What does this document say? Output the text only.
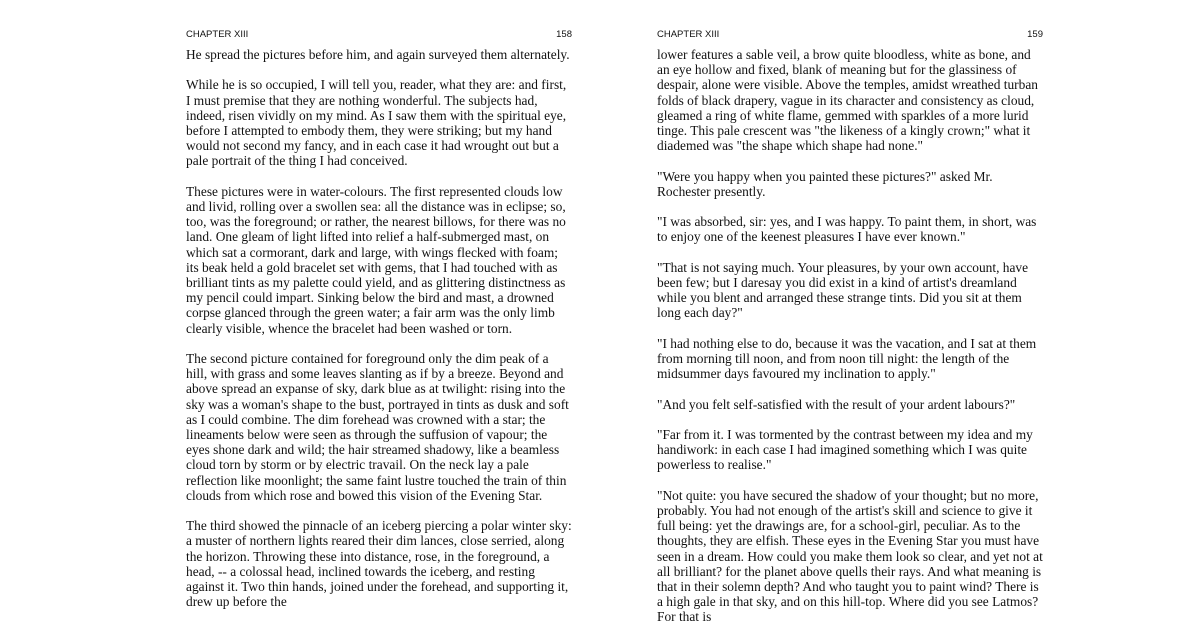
CHAPTER XIII	158

He spread the pictures before him, and again surveyed them alternately.

While he is so occupied, I will tell you, reader, what they are: and first, I must premise that they are nothing wonderful. The subjects had, indeed, risen vividly on my mind. As I saw them with the spiritual eye, before I attempted to embody them, they were striking; but my hand would not second my fancy, and in each case it had wrought out but a pale portrait of the thing I had conceived.

These pictures were in water-colours. The first represented clouds low and livid, rolling over a swollen sea: all the distance was in eclipse; so, too, was the foreground; or rather, the nearest billows, for there was no land. One gleam of light lifted into relief a half-submerged mast, on which sat a cormorant, dark and large, with wings flecked with foam; its beak held a gold bracelet set with gems, that I had touched with as brilliant tints as my palette could yield, and as glittering distinctness as my pencil could impart. Sinking below the bird and mast, a drowned corpse glanced through the green water; a fair arm was the only limb clearly visible, whence the bracelet had been washed or torn.

The second picture contained for foreground only the dim peak of a hill, with grass and some leaves slanting as if by a breeze. Beyond and above spread an expanse of sky, dark blue as at twilight: rising into the sky was a woman's shape to the bust, portrayed in tints as dusk and soft as I could combine. The dim forehead was crowned with a star; the lineaments below were seen as through the suffusion of vapour; the eyes shone dark and wild; the hair streamed shadowy, like a beamless cloud torn by storm or by electric travail. On the neck lay a pale reflection like moonlight; the same faint lustre touched the train of thin clouds from which rose and bowed this vision of the Evening Star.

The third showed the pinnacle of an iceberg piercing a polar winter sky: a muster of northern lights reared their dim lances, close serried, along the horizon. Throwing these into distance, rose, in the foreground, a head, -- a colossal head, inclined towards the iceberg, and resting against it. Two thin hands, joined under the forehead, and supporting it, drew up before the

CHAPTER XIII	159

lower features a sable veil, a brow quite bloodless, white as bone, and an eye hollow and fixed, blank of meaning but for the glassiness of despair, alone were visible. Above the temples, amidst wreathed turban folds of black drapery, vague in its character and consistency as cloud, gleamed a ring of white flame, gemmed with sparkles of a more lurid tinge. This pale crescent was "the likeness of a kingly crown;" what it diademed was "the shape which shape had none."

"Were you happy when you painted these pictures?" asked Mr. Rochester presently.

"I was absorbed, sir: yes, and I was happy. To paint them, in short, was to enjoy one of the keenest pleasures I have ever known."

"That is not saying much. Your pleasures, by your own account, have been few; but I daresay you did exist in a kind of artist's dreamland while you blent and arranged these strange tints. Did you sit at them long each day?"

"I had nothing else to do, because it was the vacation, and I sat at them from morning till noon, and from noon till night: the length of the midsummer days favoured my inclination to apply."

"And you felt self-satisfied with the result of your ardent labours?"

"Far from it. I was tormented by the contrast between my idea and my handiwork: in each case I had imagined something which I was quite powerless to realise."

"Not quite: you have secured the shadow of your thought; but no more, probably. You had not enough of the artist's skill and science to give it full being: yet the drawings are, for a school-girl, peculiar. As to the thoughts, they are elfish. These eyes in the Evening Star you must have seen in a dream. How could you make them look so clear, and yet not at all brilliant? for the planet above quells their rays. And what meaning is that in their solemn depth? And who taught you to paint wind? There is a high gale in that sky, and on this hill-top. Where did you see Latmos? For that is
